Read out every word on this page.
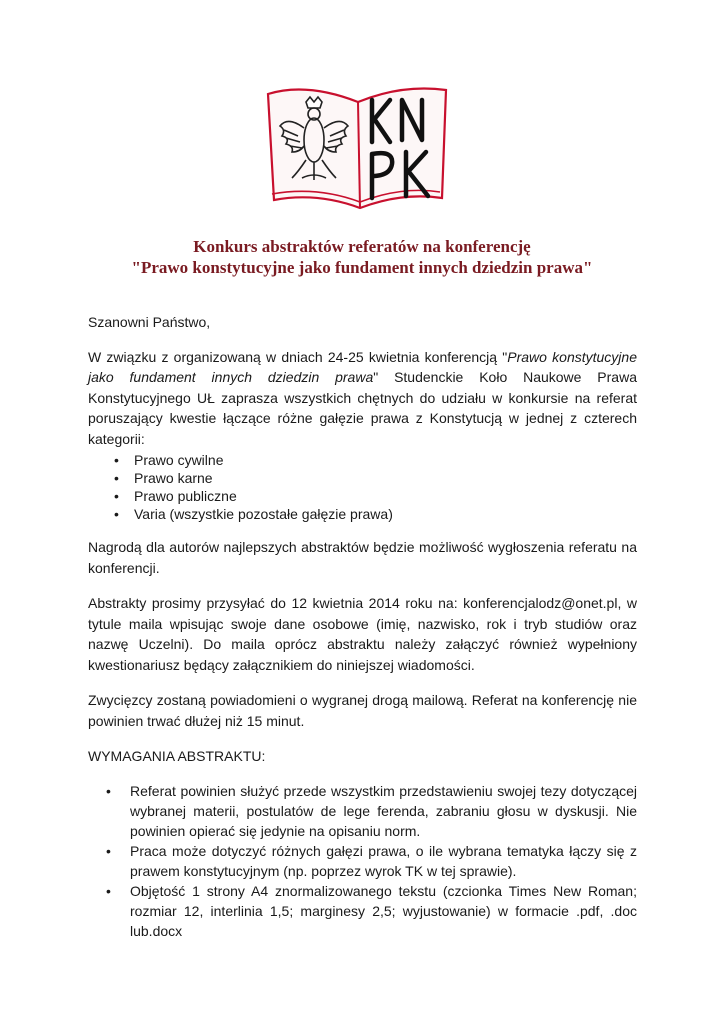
Konkurs abstraktów referatów na konferencję
"Prawo konstytucyjne jako fundament innych dziedzin prawa"

Szanowni Państwo,

W związku z organizowaną w dniach 24-25 kwietnia konferencją "Prawo konstytucyjne jako fundament innych dziedzin prawa" Studenckie Koło Naukowe Prawa Konstytucyjnego UŁ zaprasza wszystkich chętnych do udziału w konkursie na referat poruszający kwestie łączące różne gałęzie prawa z Konstytucją w jednej z czterech kategorii:

• Prawo cywilne
• Prawo karne
• Prawo publiczne
• Varia (wszystkie pozostałe gałęzie prawa)

Nagrodą dla autorów najlepszych abstraktów będzie możliwość wygłoszenia referatu na konferencji.

Abstrakty prosimy przysyłać do 12 kwietnia 2014 roku na: konferencjalodz@onet.pl, w tytule maila wpisując swoje dane osobowe (imię, nazwisko, rok i tryb studiów oraz nazwę Uczelni). Do maila oprócz abstraktu należy załączyć również wypełniony kwestionariusz będący załącznikiem do niniejszej wiadomości.

Zwycięzcy zostaną powiadomieni o wygranej drogą mailową. Referat na konferencję nie powinien trwać dłużej niż 15 minut.

WYMAGANIA ABSTRAKTU:

• Referat powinien służyć przede wszystkim przedstawieniu swojej tezy dotyczącej wybranej materii, postulatów de lege ferenda, zabraniu głosu w dyskusji. Nie powinien opierać się jedynie na opisaniu norm.
• Praca może dotyczyć różnych gałęzi prawa, o ile wybrana tematyka łączy się z prawem konstytucyjnym (np. poprzez wyrok TK w tej sprawie).
• Objętość 1 strony A4 znormalizowanego tekstu (czcionka Times New Roman; rozmiar 12, interlinia 1,5; marginesy 2,5; wyjustowanie) w formacie .pdf, .doc lub.docx
